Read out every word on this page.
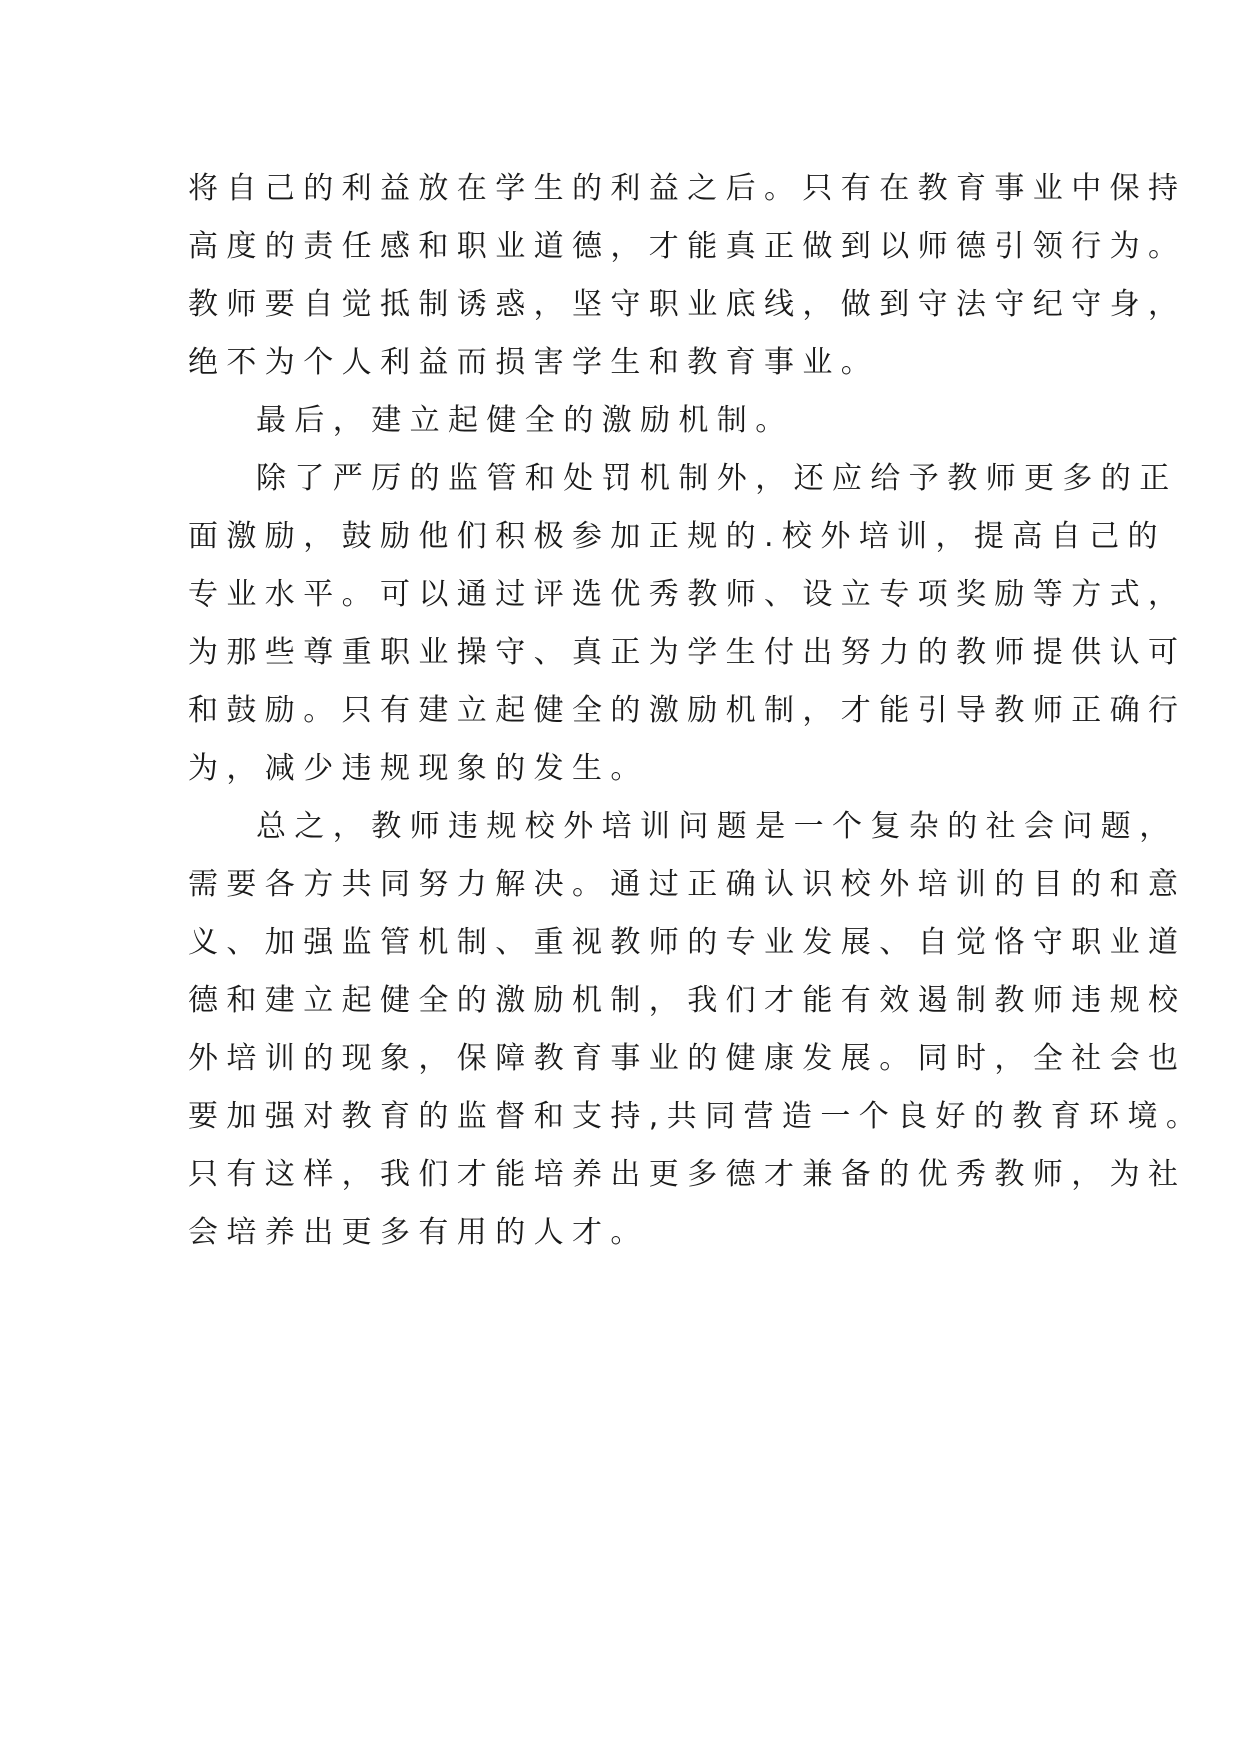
将自己的利益放在学生的利益之后。只有在教育事业中保持
高度的责任感和职业道德，才能真正做到以师德引领行为。
教师要自觉抵制诱惑，坚守职业底线，做到守法守纪守身，
绝不为个人利益而损害学生和教育事业。
最后，建立起健全的激励机制。
除了严厉的监管和处罚机制外，还应给予教师更多的正
面激励，鼓励他们积极参加正规的.校外培训，提高自己的
专业水平。可以通过评选优秀教师、设立专项奖励等方式，
为那些尊重职业操守、真正为学生付出努力的教师提供认可
和鼓励。只有建立起健全的激励机制，才能引导教师正确行
为，减少违规现象的发生。
总之，教师违规校外培训问题是一个复杂的社会问题，
需要各方共同努力解决。通过正确认识校外培训的目的和意
义、加强监管机制、重视教师的专业发展、自觉恪守职业道
德和建立起健全的激励机制，我们才能有效遏制教师违规校
外培训的现象，保障教育事业的健康发展。同时，全社会也
要加强对教育的监督和支持,共同营造一个良好的教育环境。
只有这样，我们才能培养出更多德才兼备的优秀教师，为社
会培养出更多有用的人才。
